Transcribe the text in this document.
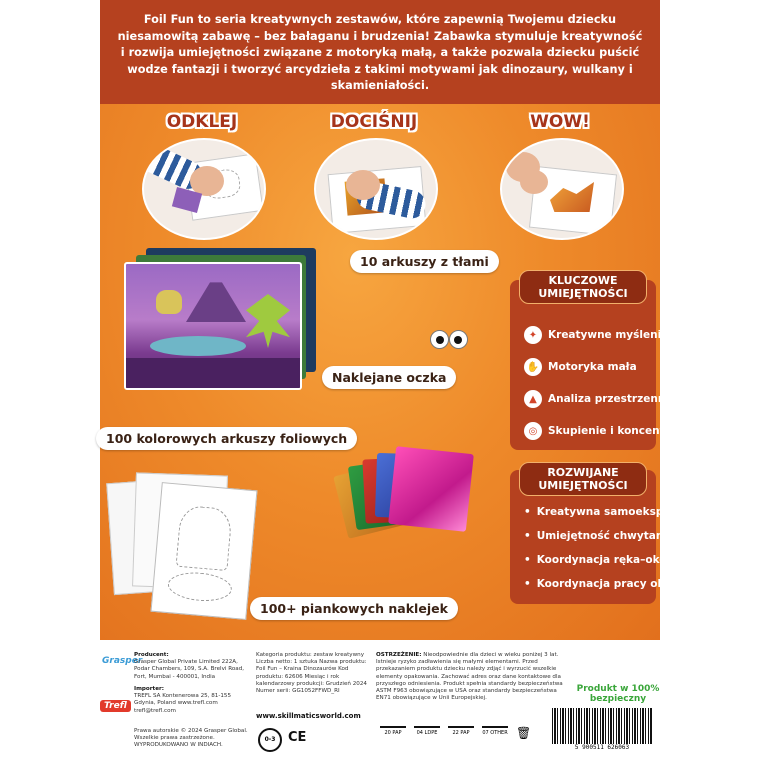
Foil Fun to seria kreatywnych zestawów, które zapewnią Twojemu dziecku niesamowitą zabawę – bez bałaganu i brudzenia! Zabawka stymuluje kreatywność i rozwija umiejętności związane z motoryką małą, a także pozwala dziecku puścić wodze fantazji i tworzyć arcydzieła z takimi motywami jak dinozaury, wulkany i skamieniałości.

ODKLEJ	DOCIŚNIJ	WOW!
10 arkuszy z tłami
Naklejane oczka
100 kolorowych arkuszy foliowych
100+ piankowych naklejek
KLUCZOWE UMIEJĘTNOŚCI
✦	Kreatywne myślenie
✋ Motoryka mała
▲	Analiza przestrzenna
◎	Skupienie i koncentracja
ROZWIJANE UMIEJĘTNOŚCI
• Kreatywna samoekspresja
• Umiejętność chwytania
• Koordynacja ręka–oko
• Koordynacja pracy obu rąk
Grasper
Trefl
Producent:
Grasper Global Private Limited 222A, Podar Chambers, 109, S.A. Brelvi Road, Fort, Mumbai - 400001, India
Importer:
TREFL SA Kontenerowa 25, 81-155 Gdynia, Poland www.trefl.com trefl@trefl.com
Prawa autorskie © 2024 Grasper Global. Wszelkie prawa zastrzeżone. WYPRODUKOWANO W INDIACH.
Kategoria produktu: zestaw kreatywny Liczba netto: 1 sztuka Nazwa produktu: Foil Fun – Kraina Dinozaurów Kod produktu: 62606 Miesiąc i rok kalendarzowy produkcji: Grudzień 2024 Numer serii: GG1052FFWD_RI
www.skillmaticsworld.com
0-3 CE
OSTRZEŻENIE: Nieodpowiednie dla dzieci w wieku poniżej 3 lat. Istnieje ryzyko zadławienia się małymi elementami. Przed przekazaniem produktu dziecku należy zdjąć i wyrzucić wszelkie elementy opakowania. Zachować adres oraz dane kontaktowe dla przyszłego odniesienia. Produkt spełnia standardy bezpieczeństwa ASTM F963 obowiązujące w USA oraz standardy bezpieczeństwa EN71 obowiązujące w Unii Europejskiej.
Produkt w 100% bezpieczny
20 PAP	04 LDPE	22 PAP	07 OTHER 🗑
5 900511 626063
